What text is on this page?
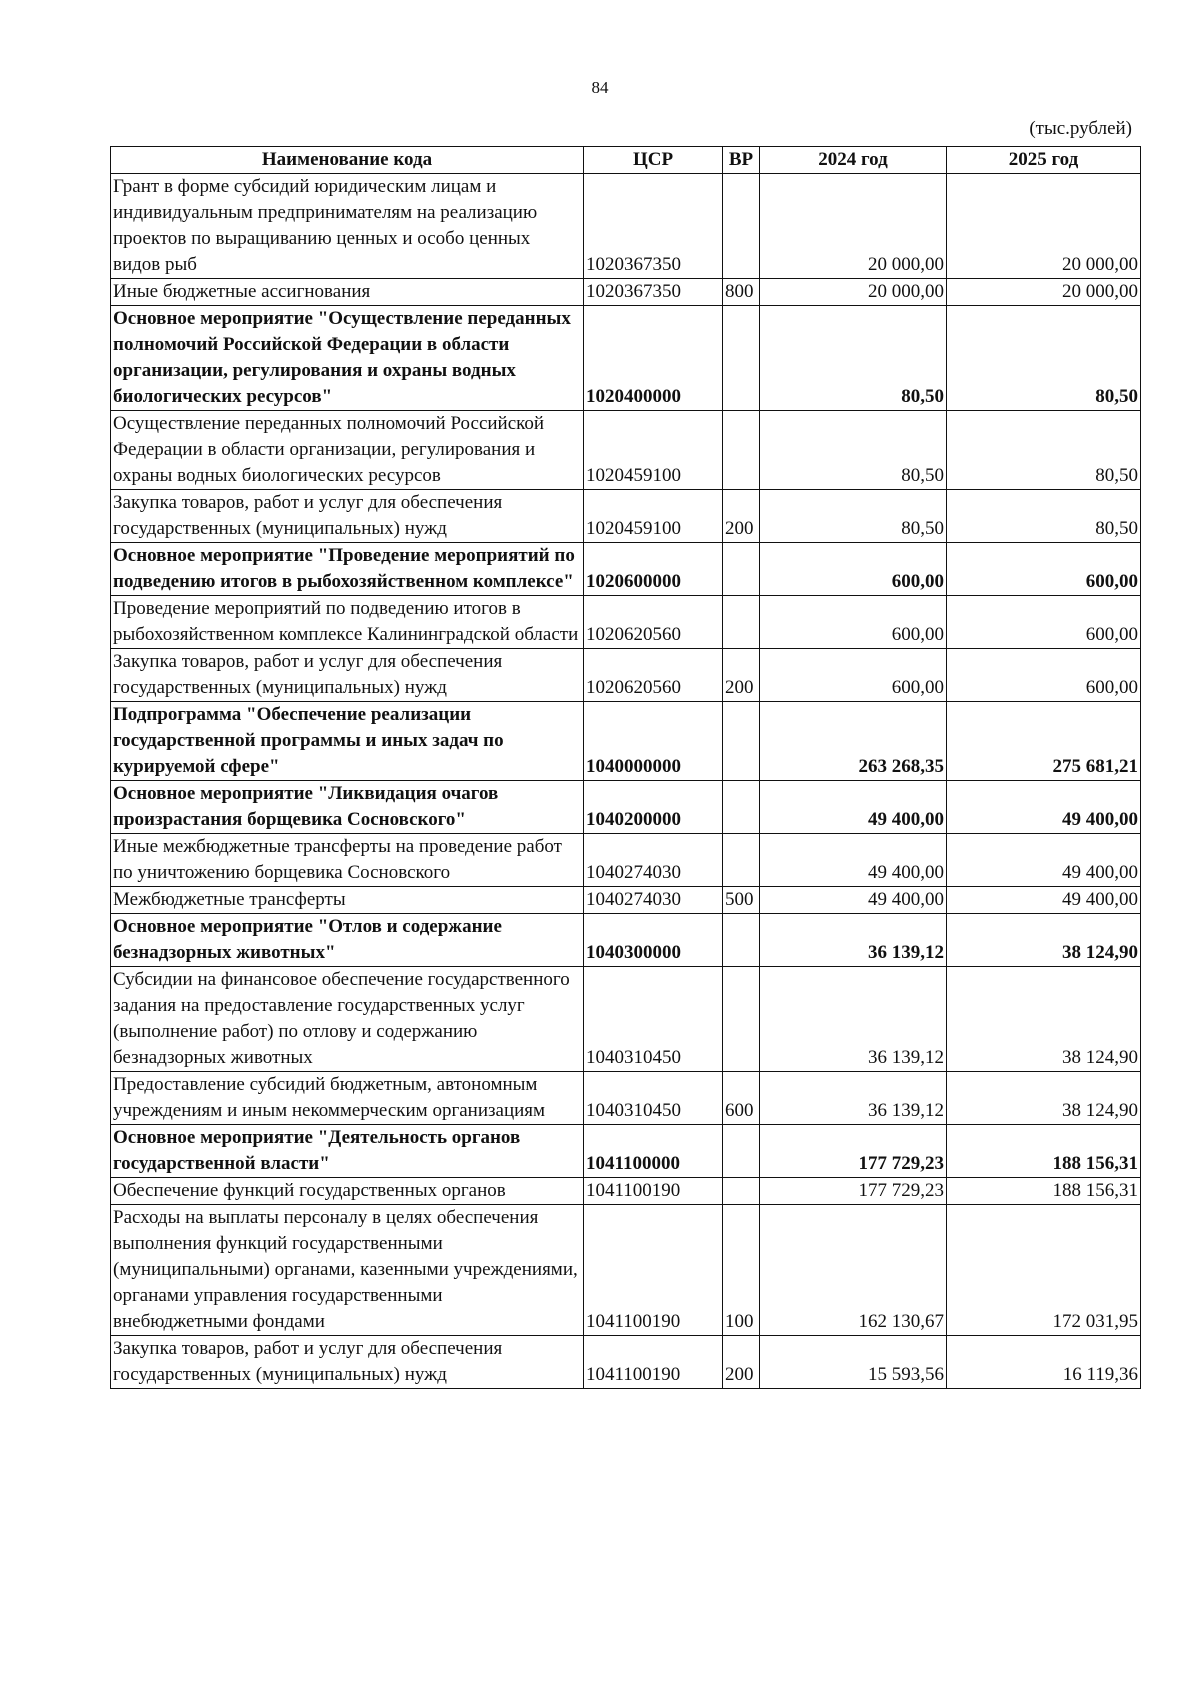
84
(тыс.рублей)
Наименование кода	ЦСР	ВР	2024 год	2025 год
Грант в форме субсидий юридическим лицам и индивидуальным предпринимателям на реализацию проектов по выращиванию ценных и особо ценных видов рыб	1020367350		20 000,00	20 000,00
Иные бюджетные ассигнования	1020367350	800	20 000,00	20 000,00
Основное мероприятие "Осуществление переданных полномочий Российской Федерации в области организации, регулирования и охраны водных биологических ресурсов"	1020400000		80,50	80,50
Осуществление переданных полномочий Российской Федерации в области организации, регулирования и охраны водных биологических ресурсов	1020459100		80,50	80,50
Закупка товаров, работ и услуг для обеспечения государственных (муниципальных) нужд	1020459100	200	80,50	80,50
Основное мероприятие "Проведение мероприятий по подведению итогов в рыбохозяйственном комплексе"	1020600000		600,00	600,00
Проведение мероприятий по подведению итогов в рыбохозяйственном комплексе Калининградской области	1020620560		600,00	600,00
Закупка товаров, работ и услуг для обеспечения государственных (муниципальных) нужд	1020620560	200	600,00	600,00
Подпрограмма "Обеспечение реализации государственной программы и иных задач по курируемой сфере"	1040000000		263 268,35	275 681,21
Основное мероприятие "Ликвидация очагов произрастания борщевика Сосновского"	1040200000		49 400,00	49 400,00
Иные межбюджетные трансферты на проведение работ по уничтожению борщевика Сосновского	1040274030		49 400,00	49 400,00
Межбюджетные трансферты	1040274030	500	49 400,00	49 400,00
Основное мероприятие "Отлов и содержание безнадзорных животных"	1040300000		36 139,12	38 124,90
Субсидии на финансовое обеспечение государственного задания на предоставление государственных услуг (выполнение работ) по отлову и содержанию безнадзорных животных	1040310450		36 139,12	38 124,90
Предоставление субсидий бюджетным, автономным учреждениям и иным некоммерческим организациям	1040310450	600	36 139,12	38 124,90
Основное мероприятие "Деятельность органов государственной власти"	1041100000		177 729,23	188 156,31
Обеспечение функций государственных органов	1041100190		177 729,23	188 156,31
Расходы на выплаты персоналу в целях обеспечения выполнения функций государственными (муниципальными) органами, казенными учреждениями, органами управления государственными внебюджетными фондами	1041100190	100	162 130,67	172 031,95
Закупка товаров, работ и услуг для обеспечения государственных (муниципальных) нужд	1041100190	200	15 593,56	16 119,36
